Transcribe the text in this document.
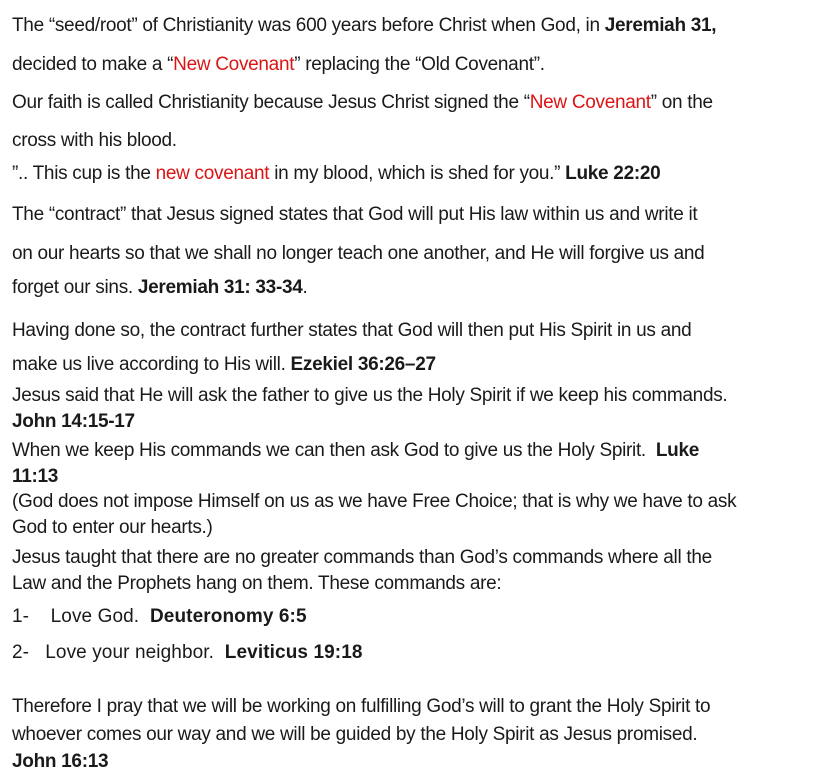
The “seed/root” of Christianity was 600 years before Christ when God, in Jeremiah 31,
decided to make a “New Covenant” replacing the “Old Covenant”.
Our faith is called Christianity because Jesus Christ signed the “New Covenant” on the
cross with his blood.
”.. This cup is the new covenant in my blood, which is shed for you.” Luke 22:20
The “contract” that Jesus signed states that God will put His law within us and write it
on our hearts so that we shall no longer teach one another, and He will forgive us and
forget our sins. Jeremiah 31: 33-34.
Having done so, the contract further states that God will then put His Spirit in us and
make us live according to His will. Ezekiel 36:26–27
Jesus said that He will ask the father to give us the Holy Spirit if we keep his commands.
John 14:15-17
When we keep His commands we can then ask God to give us the Holy Spirit.  Luke
11:13
(God does not impose Himself on us as we have Free Choice; that is why we have to ask
God to enter our hearts.)
Jesus taught that there are no greater commands than God’s commands where all the
Law and the Prophets hang on them. These commands are:
1-    Love God.  Deuteronomy 6:5
2-   Love your neighbor.  Leviticus 19:18
Therefore I pray that we will be working on fulfilling God’s will to grant the Holy Spirit to
whoever comes our way and we will be guided by the Holy Spirit as Jesus promised.
John 16:13
